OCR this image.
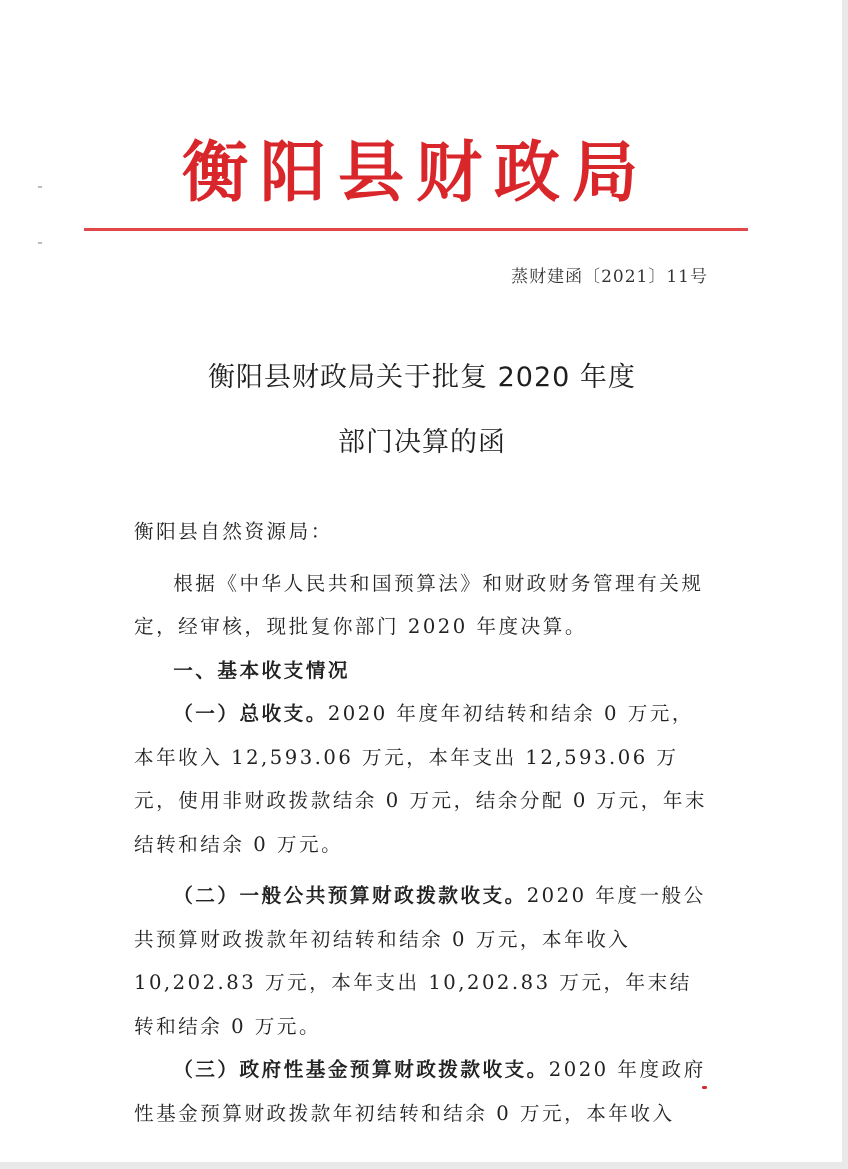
衡阳县财政局
蒸财建函〔2021〕11号
衡阳县财政局关于批复 2020 年度
部门决算的函

衡阳县自然资源局：

根据《中华人民共和国预算法》和财政财务管理有关规定，经审核，现批复你部门 2020 年度决算。

一、基本收支情况

（一）总收支。2020 年度年初结转和结余 0 万元，本年收入 12,593.06 万元，本年支出 12,593.06 万元，使用非财政拨款结余 0 万元，结余分配 0 万元，年末结转和结余 0 万元。

（二）一般公共预算财政拨款收支。2020 年度一般公共预算财政拨款年初结转和结余 0 万元，本年收入 10,202.83 万元，本年支出 10,202.83 万元，年末结转和结余 0 万元。

（三）政府性基金预算财政拨款收支。2020 年度政府性基金预算财政拨款年初结转和结余 0 万元，本年收入
